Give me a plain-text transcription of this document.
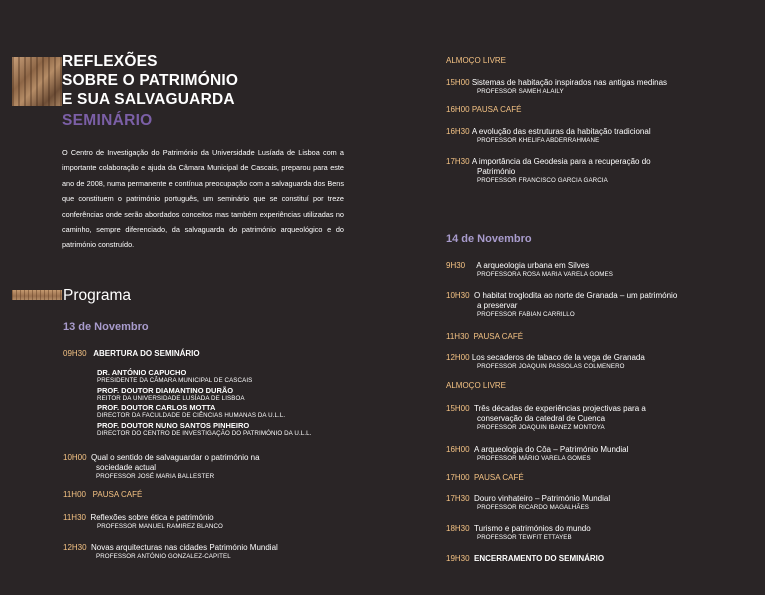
REFLEXÕES
SOBRE O PATRIMÓNIO
E SUA SALVAGUARDA
SEMINÁRIO

O Centro de Investigação do Património da Universidade Lusíada de Lisboa com a importante colaboração e ajuda da Câmara Municipal de Cascais, preparou para este ano de 2008, numa permanente e contínua preocupação com a salvaguarda dos Bens que constituem o património português, um seminário que se constituí por treze conferências onde serão abordados conceitos mas também experiências utilizadas no caminho, sempre diferenciado, da salvaguarda do património arqueológico e do património construído.

Programa
13 de Novembro

09H30 ABERTURA DO SEMINÁRIO

DR. ANTÓNIO CAPUCHO

PRESIDENTE DA CÂMARA MUNICIPAL DE CASCAIS

PROF. DOUTOR DIAMANTINO DURÃO

REITOR DA UNIVERSIDADE LUSÍADA DE LISBOA

PROF. DOUTOR CARLOS MOTTA

DIRECTOR DA FACULDADE DE CIÊNCIAS HUMANAS DA U.L.L.

PROF. DOUTOR NUNO SANTOS PINHEIRO

DIRECTOR DO CENTRO DE INVESTIGAÇÃO DO PATRIMÓNIO DA U.L.L.

10H00 Qual o sentido de salvaguardar o património na

sociedade actual

PROFESSOR JOSÉ MARIA BALLESTER

11H00 PAUSA CAFÉ

11H30 Reflexões sobre ética e património

PROFESSOR MANUEL RAMIREZ BLANCO

12H30 Novas arquitecturas nas cidades Património Mundial

PROFESSOR ANTÓNIO GONZALEZ-CAPITEL

ALMOÇO LIVRE

15H00 Sistemas de habitação inspirados nas antigas medinas

PROFESSOR SAMEH ALAILY

16H00 PAUSA CAFÉ

16H30 A evolução das estruturas da habitação tradicional

PROFESSOR KHELIFA ABDERRAHMANE

17H30 A importância da Geodesia para a recuperação do

Património

PROFESSOR FRANCISCO GARCIA GARCIA

14 de Novembro

9H30 A arqueologia urbana em Silves

PROFESSORA ROSA MARIA VARELA GOMES

10H30 O habitat troglodita ao norte de Granada – um património

a preservar

PROFESSOR FABIAN CARRILLO

11H30 PAUSA CAFÉ

12H00 Los secaderos de tabaco de la vega de Granada

PROFESSOR JOAQUIN PASSOLAS COLMENERO

ALMOÇO LIVRE

15H00 Três décadas de experiências projectivas para a

conservação da catedral de Cuenca

PROFESSOR JOAQUIN IBANEZ MONTOYA

16H00 A arqueologia do Côa – Património Mundial

PROFESSOR MÁRIO VARELA GOMES

17H00 PAUSA CAFÉ

17H30 Douro vinhateiro – Património Mundial

PROFESSOR RICARDO MAGALHÃES

18H30 Turismo e patrimónios do mundo

PROFESSOR TEWFIT ETTAYEB

19H30 ENCERRAMENTO DO SEMINÁRIO
